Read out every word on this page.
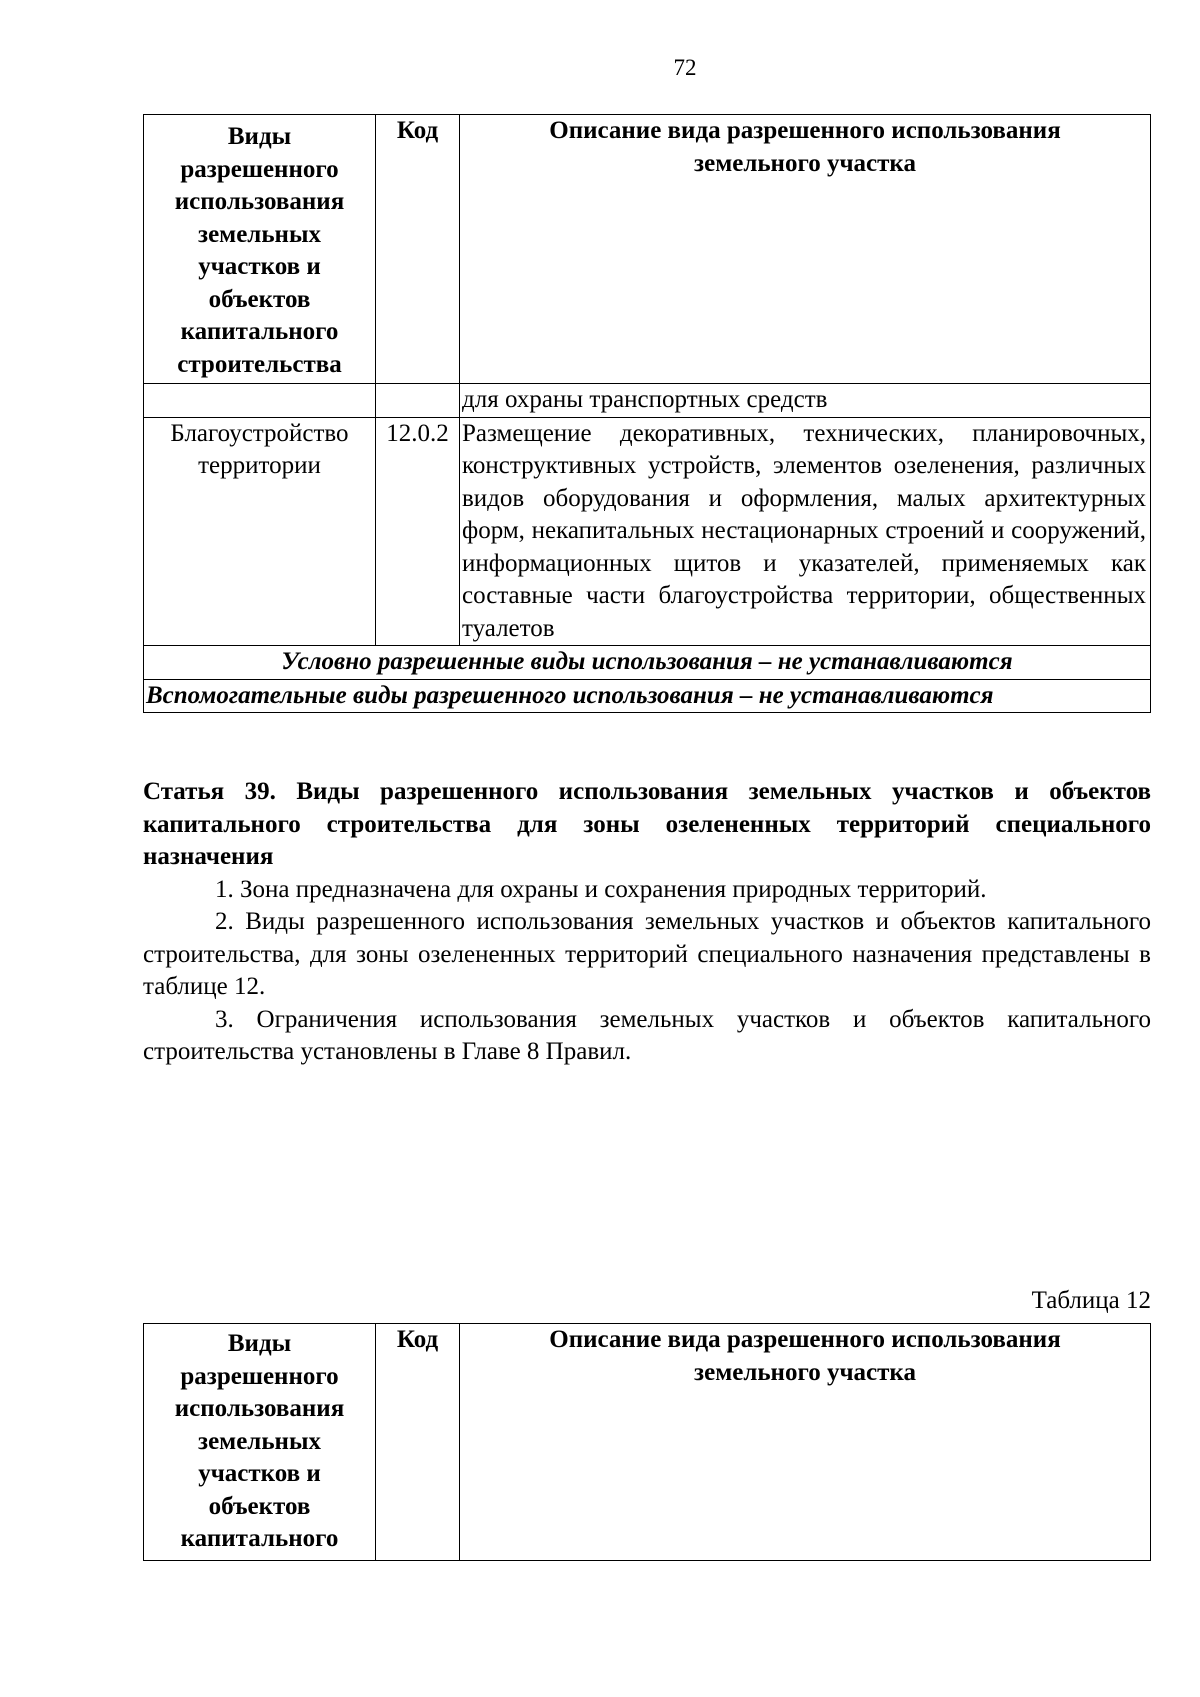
72
Виды разрешенного использования земельных участков и объектов капитального строительства	Код	Описание вида разрешенного использования земельного участка
		для охраны транспортных средств
Благоустройство территории	12.0.2	Размещение декоративных, технических, планировочных, конструктивных устройств, элементов озеленения, различных видов оборудования и оформления, малых архитектурных форм, некапитальных нестационарных строений и сооружений, информационных щитов и указателей, применяемых как составные части благоустройства территории, общественных туалетов
Условно разрешенные виды использования – не устанавливаются		
Вспомогательные виды разрешенного использования – не устанавливаются		
Статья 39. Виды разрешенного использования земельных участков и объектов капитального строительства для зоны озелененных территорий специального назначения
1. Зона предназначена для охраны и сохранения природных территорий.
2. Виды разрешенного использования земельных участков и объектов капитального строительства, для зоны озелененных территорий специального назначения представлены в таблице 12.
3. Ограничения использования земельных участков и объектов капитального строительства установлены в Главе 8 Правил.
Таблица 12
Виды разрешенного использования земельных участков и объектов капитального	Код	Описание вида разрешенного использования земельного участка
